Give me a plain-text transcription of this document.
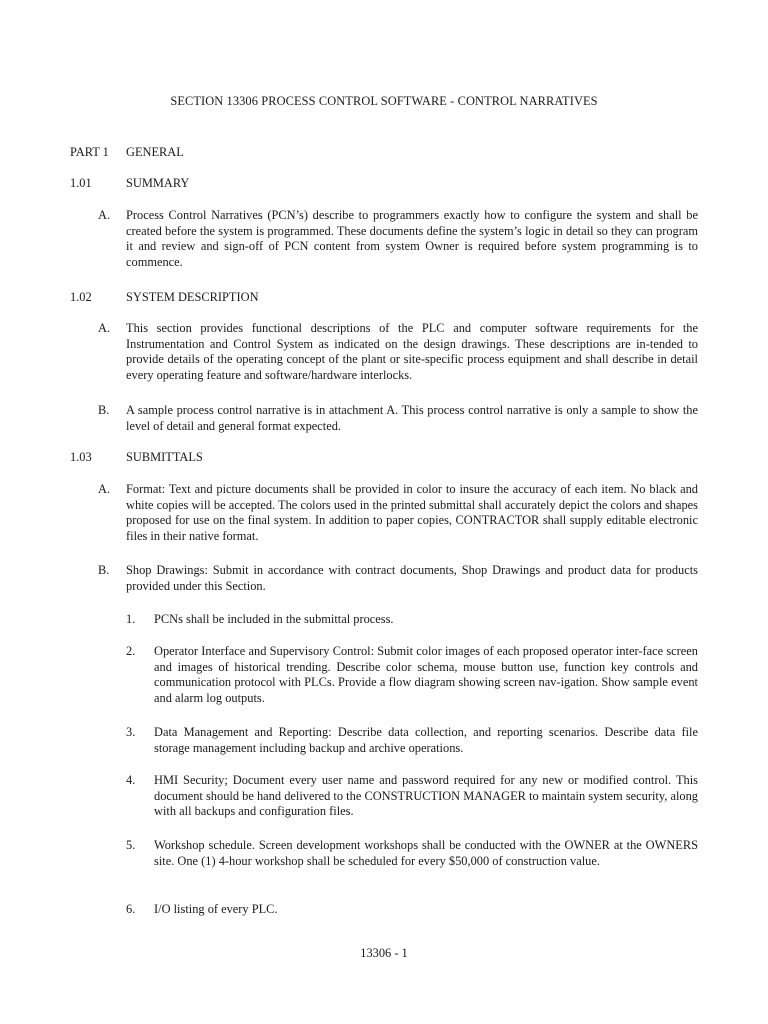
SECTION 13306 PROCESS CONTROL SOFTWARE - CONTROL NARRATIVES
PART 1 GENERAL
1.01	SUMMARY
A. Process Control Narratives (PCN’s) describe to programmers exactly how to configure the system and shall be created before the system is programmed. These documents define the system’s logic in detail so they can program it and review and sign-off of PCN content from system Owner is required before system programming is to commence.
1.02	SYSTEM DESCRIPTION
A. This section provides functional descriptions of the PLC and computer software requirements for the Instrumentation and Control System as indicated on the design drawings. These descriptions are in-tended to provide details of the operating concept of the plant or site-specific process equipment and shall describe in detail every operating feature and software/hardware interlocks.
B. A sample process control narrative is in attachment A. This process control narrative is only a sample to show the level of detail and general format expected.
1.03	SUBMITTALS
A. Format: Text and picture documents shall be provided in color to insure the accuracy of each item. No black and white copies will be accepted. The colors used in the printed submittal shall accurately depict the colors and shapes proposed for use on the final system. In addition to paper copies, CONTRACTOR shall supply editable electronic files in their native format.
B. Shop Drawings: Submit in accordance with contract documents, Shop Drawings and product data for products provided under this Section.
1. PCNs shall be included in the submittal process.
2. Operator Interface and Supervisory Control: Submit color images of each proposed operator inter-face screen and images of historical trending. Describe color schema, mouse button use, function key controls and communication protocol with PLCs. Provide a flow diagram showing screen nav-igation. Show sample event and alarm log outputs.
3. Data Management and Reporting: Describe data collection, and reporting scenarios. Describe data file storage management including backup and archive operations.
4. HMI Security; Document every user name and password required for any new or modified control. This document should be hand delivered to the CONSTRUCTION MANAGER to maintain system security, along with all backups and configuration files.
5. Workshop schedule. Screen development workshops shall be conducted with the OWNER at the OWNERS site. One (1) 4-hour workshop shall be scheduled for every $50,000 of construction value.
6. I/O listing of every PLC.
13306 - 1
